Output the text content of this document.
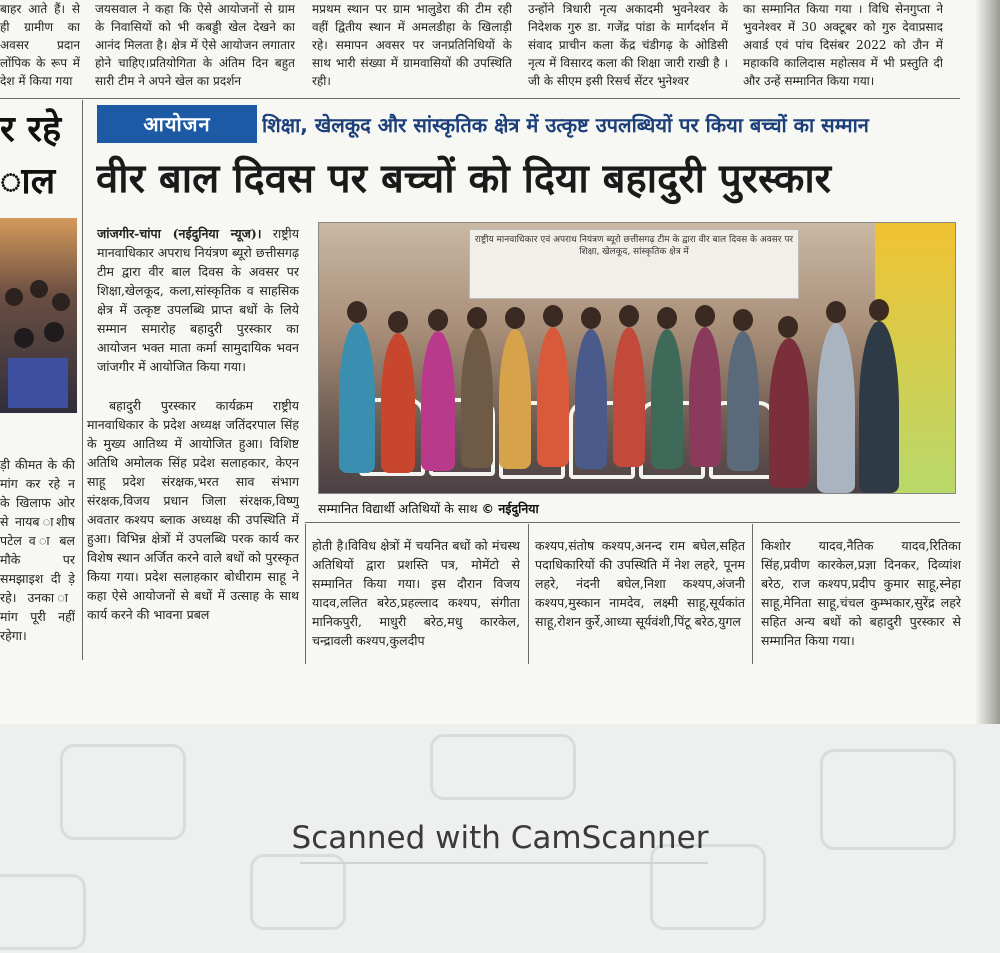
बाहर आते हैं। से ही ग्रामीण का अवसर प्रदान लोंपिक के रूप में देश में किया गया
जयसवाल ने कहा कि ऐसे आयोजनों से ग्राम के निवासियों को भी कबड्डी खेल देखने का आनंद मिलता है। क्षेत्र में ऐसे आयोजन लगातार होने चाहिए।प्रतियोगिता के अंतिम दिन बहुत सारी टीम ने अपने खेल का प्रदर्शन
मप्रथम स्थान पर ग्राम भालुडेरा की टीम रही वहीं द्वितीय स्थान में अमलडीहा के खिलाड़ी रहे। समापन अवसर पर जनप्रतिनिधियों के साथ भारी संख्या में ग्रामवासियों की उपस्थिति रही।
उन्होंने त्रिधारी नृत्य अकादमी भुवनेश्वर के निदेशक गुरु डा. गजेंद्र पांडा के मार्गदर्शन में संवाद प्राचीन कला केंद्र चंडीगढ़ के ओडिसी नृत्य में विसारद कला की शिक्षा जारी राखी है । जी के सीएम इसी रिसर्च सेंटर भुनेश्वर
का सम्मानित किया गया । विधि सेनगुप्ता ने भुवनेश्वर में 30 अक्टूबर को गुरु देवाप्रसाद अवार्ड एवं पांच दिसंबर 2022 को उौन में महाकवि कालिदास महोत्सव में भी प्रस्तुति दी और उन्हें सम्मानित किया गया।
र रहे
ाल
ड़ी कीमत के की मांग कर रहे न के खिलाफ ओर से नायब ाशीष पटेल व ा बल मौके पर समझाइश दी ड़े रहे। उनका ा मांग पूरी नहीं रहेगा।
आयोजन	शिक्षा, खेलकूद और सांस्कृतिक क्षेत्र में उत्कृष्ट उपलब्धियों पर किया बच्चों का सम्मान
वीर बाल दिवस पर बच्चों को दिया बहादुरी पुरस्कार

जांजगीर-चांपा (नईदुनिया न्यूज)। राष्ट्रीय मानवाधिकार अपराध नियंत्रण ब्यूरो छत्तीसगढ़ टीम द्वारा वीर बाल दिवस के अवसर पर शिक्षा,खेलकूद, कला,सांस्कृतिक व साहसिक क्षेत्र में उत्कृष्ट उपलब्धि प्राप्त बधों के लिये सम्मान समारोह बहादुरी पुरस्कार का आयोजन भक्त माता कर्मा सामुदायिक भवन जांजगीर में आयोजित किया गया।

बहादुरी पुरस्कार कार्यक्रम राष्ट्रीय मानवाधिकार के प्रदेश अध्यक्ष जतिंदरपाल सिंह के मुख्य आतिथ्य में आयोजित हुआ। विशिष्ट अतिथि अमोलक सिंह प्रदेश सलाहकार, केएन साहू प्रदेश संरक्षक,भरत साव संभाग संरक्षक,विजय प्रधान जिला संरक्षक,विष्णु अवतार कश्यप ब्लाक अध्यक्ष की उपस्थिति में हुआ। विभिन्न क्षेत्रों में उपलब्धि परक कार्य कर विशेष स्थान अर्जित करने वाले बधों को पुरस्कृत किया गया। प्रदेश सलाहकार बोधीराम साहू ने कहा ऐसे आयोजनों से बधों में उत्साह के साथ कार्य करने की भावना प्रबल
राष्ट्रीय मानवाधिकार एवं अपराध नियंत्रण ब्यूरो छत्तीसगढ़ टीम के द्वारा वीर बाल दिवस के अवसर पर शिक्षा, खेलकूद, सांस्कृतिक क्षेत्र में
सम्मानित विद्यार्थी अतिथियों के साथ © नईदुनिया
होती है।विविध क्षेत्रों में चयनित बधों को मंचस्थ अतिथियों द्वारा प्रशस्ति पत्र, मोमेंटो से सम्मानित किया गया। इस दौरान विजय यादव,ललित बरेठ,प्रहल्लाद कश्यप, संगीता मानिकपुरी, माधुरी बरेठ,मधु कारकेल, चन्द्रावली कश्यप,कुलदीप
कश्यप,संतोष कश्यप,अनन्द राम बघेल,सहित पदाधिकारियों की उपस्थिति में नेश लहरे, पूनम लहरे, नंदनी बघेल,निशा कश्यप,अंजनी कश्यप,मुस्कान नामदेव, लक्ष्मी साहू,सूर्यकांत साहू,रोशन कुर्रे,आध्या सूर्यवंशी,पिंटू बरेठ,युगल
किशोर यादव,नैतिक यादव,रितिका सिंह,प्रवीण कारकेल,प्रज्ञा दिनकर, दिव्यांश बरेठ, राज कश्यप,प्रदीप कुमार साहू,स्नेहा साहू,मेनिता साहू,चंचल कुम्भकार,सुरेंद्र लहरे सहित अन्य बधों को बहादुरी पुरस्कार से सम्मानित किया गया।
Scanned with CamScanner
